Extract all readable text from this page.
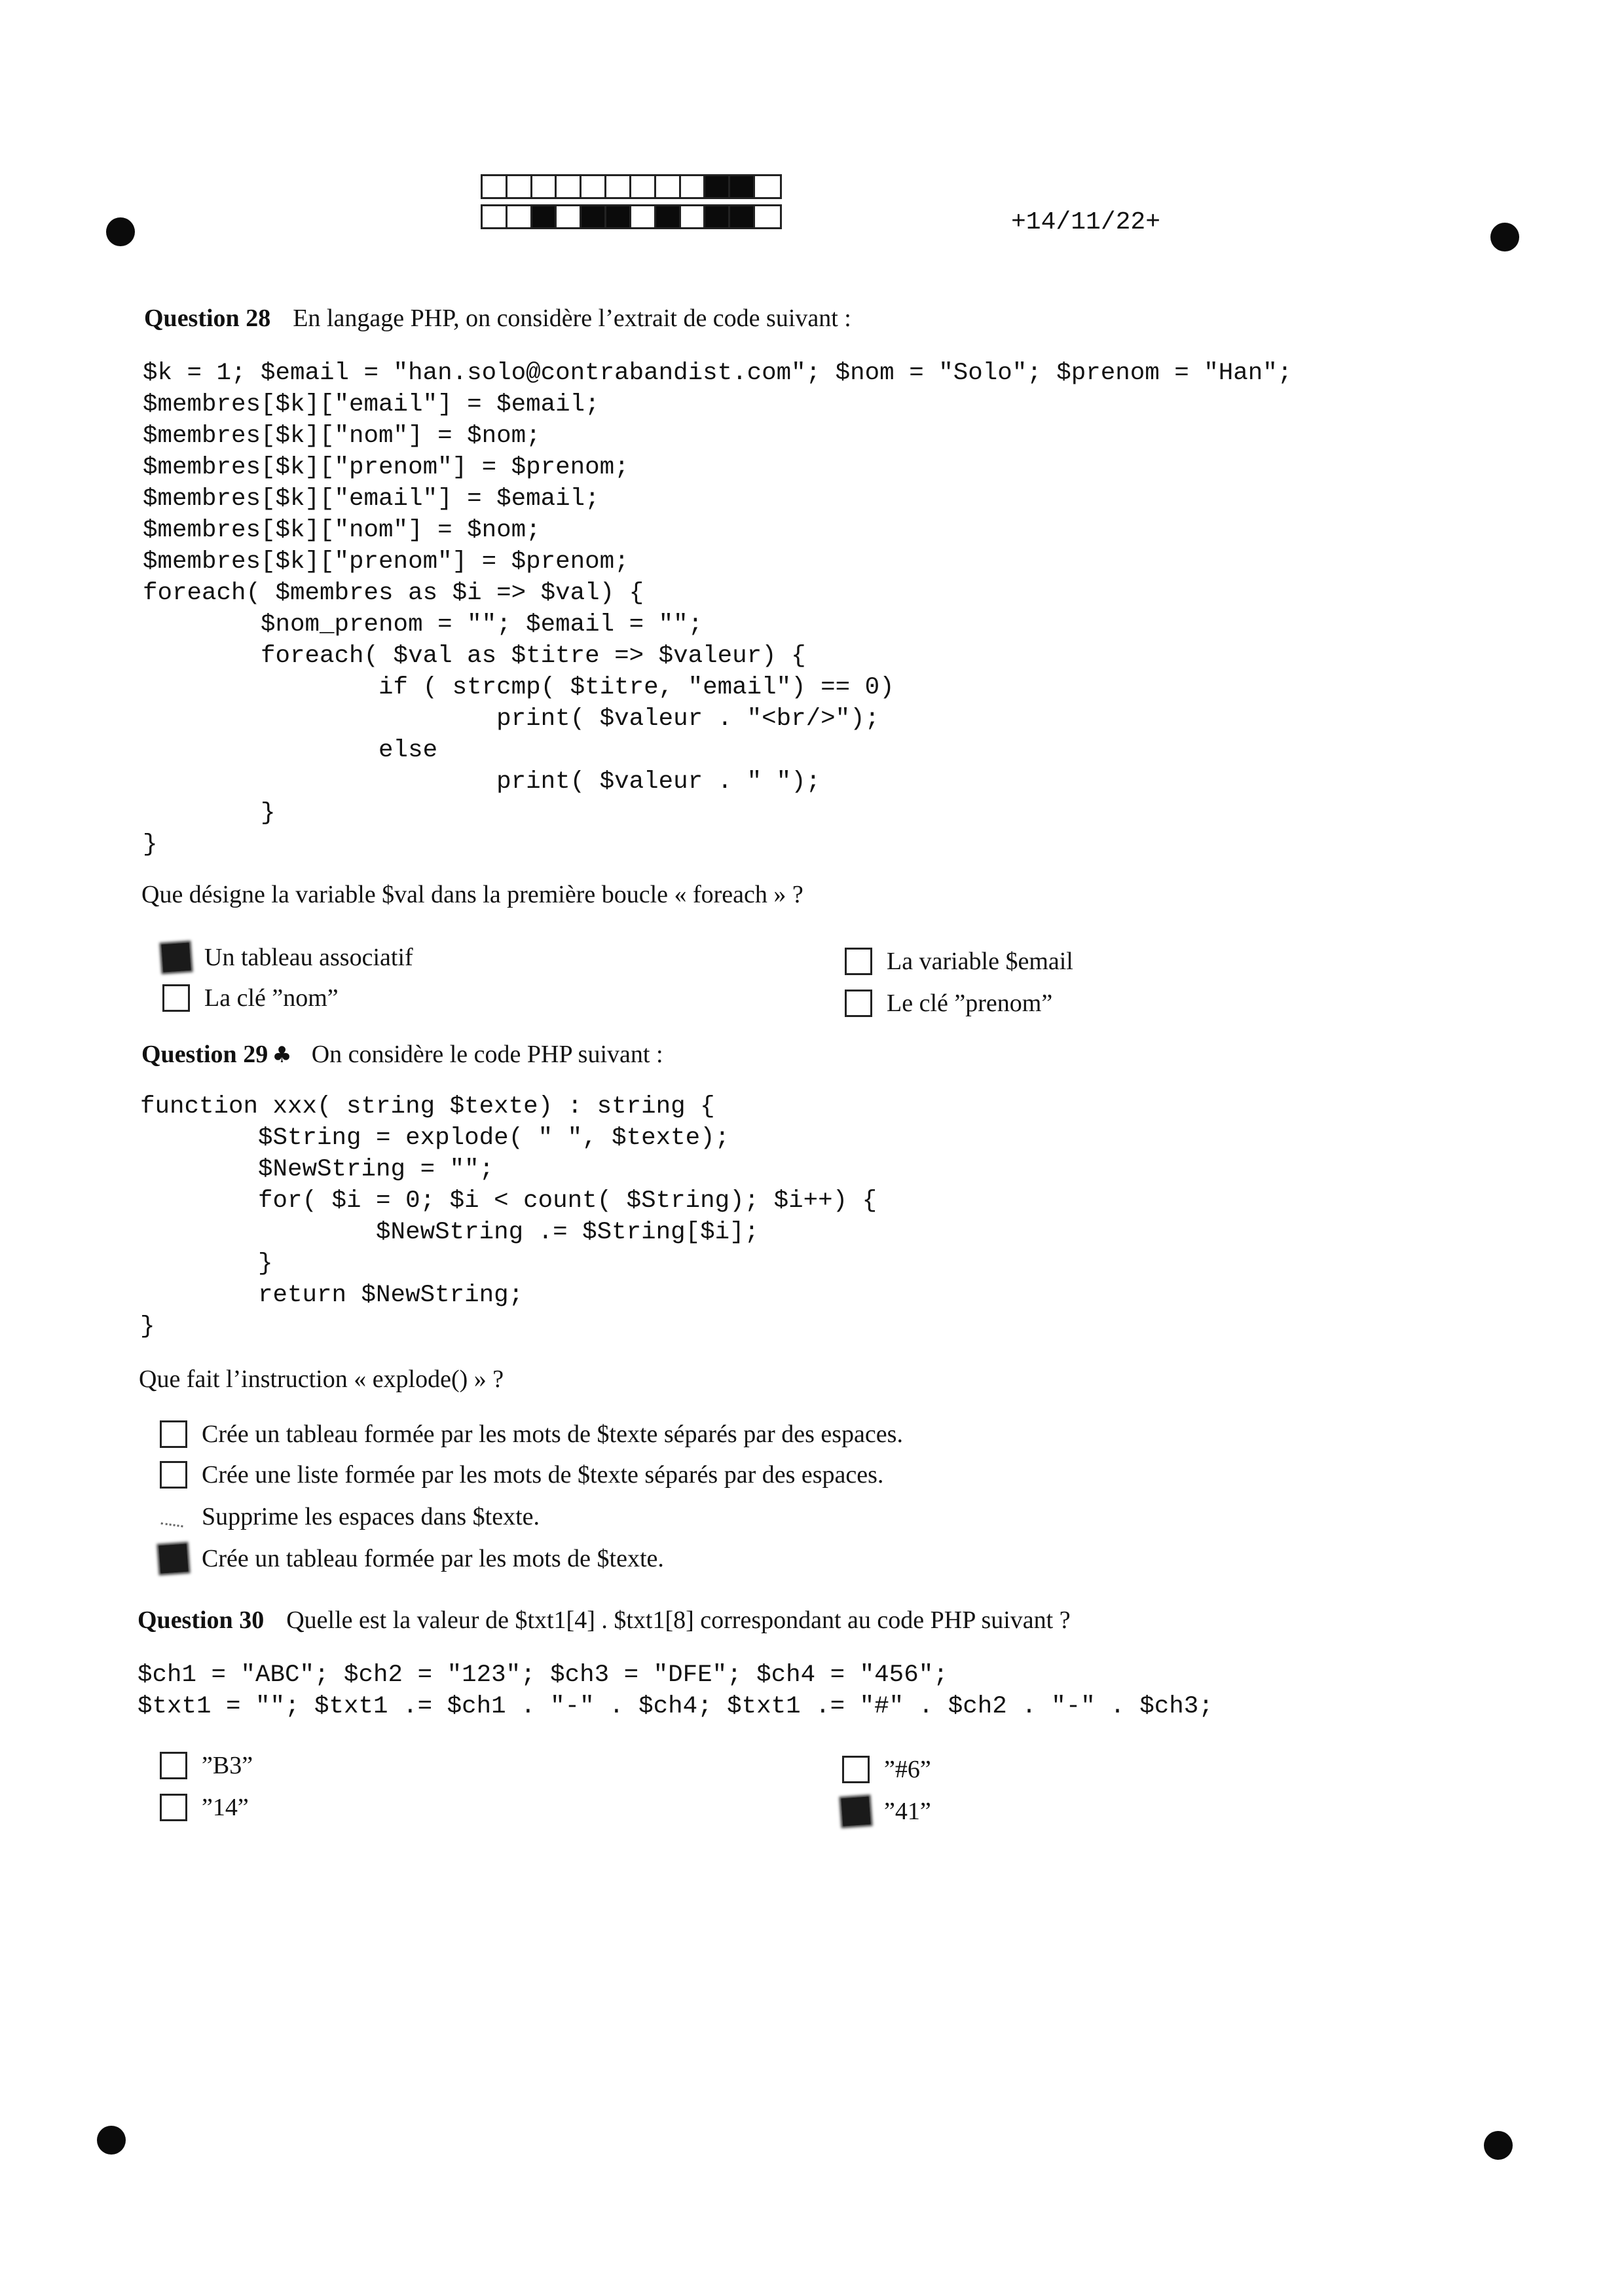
+14/11/22+
Question 28 En langage PHP, on considère l’extrait de code suivant :
$k = 1; $email = "han.solo@contrabandist.com"; $nom = "Solo"; $prenom = "Han";
$membres[$k]["email"] = $email;
$membres[$k]["nom"] = $nom;
$membres[$k]["prenom"] = $prenom;
$membres[$k]["email"] = $email;
$membres[$k]["nom"] = $nom;
$membres[$k]["prenom"] = $prenom;
foreach( $membres as $i => $val) {
$nom_prenom = ""; $email = "";
foreach( $val as $titre => $valeur) {
if ( strcmp( $titre, "email") == 0)
print( $valeur . "<br/>");
else
print( $valeur . " ");
}
}
Que désigne la variable $val dans la première boucle « foreach » ?
Un tableau associatif
La clé ”nom”
La variable $email
Le clé ”prenom”
Question 29 ♣ On considère le code PHP suivant :
function xxx( string $texte) : string {
$String = explode( " ", $texte);
$NewString = "";
for( $i = 0; $i < count( $String); $i++) {
$NewString .= $String[$i];
}
return $NewString;
}
Que fait l’instruction « explode() » ?
Crée un tableau formée par les mots de $texte séparés par des espaces.
Crée une liste formée par les mots de $texte séparés par des espaces.
Supprime les espaces dans $texte.
Crée un tableau formée par les mots de $texte.
Question 30 Quelle est la valeur de $txt1[4] . $txt1[8] correspondant au code PHP suivant ?
$ch1 = "ABC"; $ch2 = "123"; $ch3 = "DFE"; $ch4 = "456";
$txt1 = ""; $txt1 .= $ch1 . "-" . $ch4; $txt1 .= "#" . $ch2 . "-" . $ch3;
”B3”
”14”
”#6”
”41”
